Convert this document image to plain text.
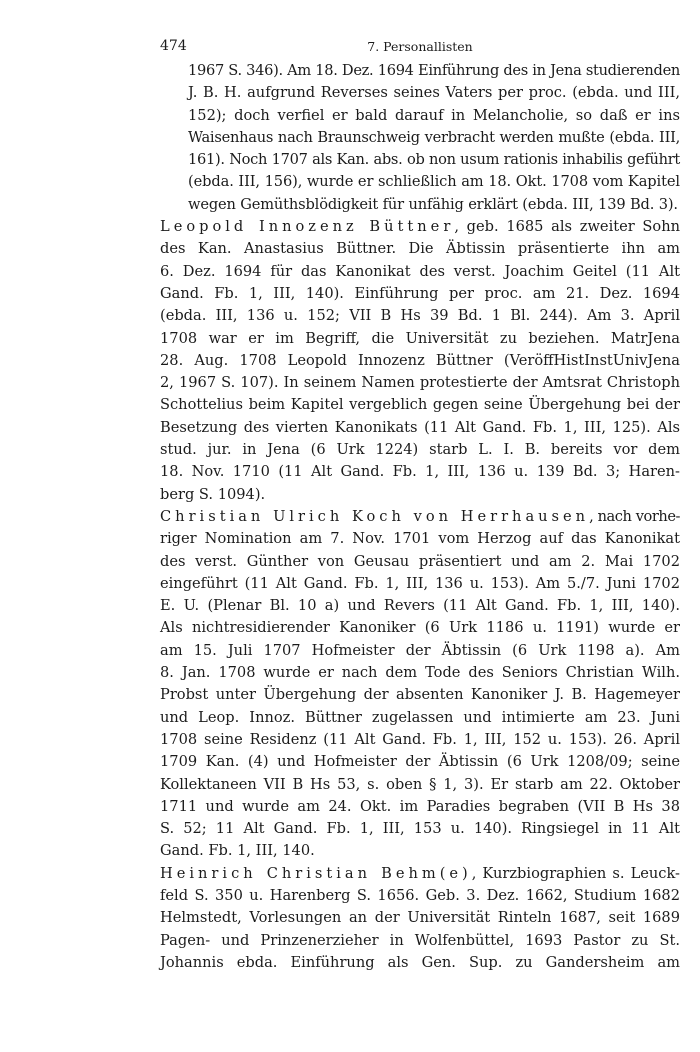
474	7. Personallisten
1967 S. 346). Am 18. Dez. 1694 Einführung des in Jena studierenden
J. B. H. aufgrund Reverses seines Vaters per proc. (ebda. und III,
152); doch verfiel er bald darauf in Melancholie, so daß er ins
Waisenhaus nach Braunschweig verbracht werden mußte (ebda. III,
161). Noch 1707 als Kan. abs. ob non usum rationis inhabilis geführt
(ebda. III, 156), wurde er schließlich am 18. Okt. 1708 vom Kapitel
wegen Gemüthsblödigkeit für unfähig erklärt (ebda. III, 139 Bd. 3).
Leopold Innozenz Büttner, geb. 1685 als zweiter Sohn
des Kan. Anastasius Büttner. Die Äbtissin präsentierte ihn am
6. Dez. 1694 für das Kanonikat des verst. Joachim Geitel (11 Alt
Gand. Fb. 1, III, 140). Einführung per proc. am 21. Dez. 1694
(ebda. III, 136 u. 152; VII B Hs 39 Bd. 1 Bl. 244). Am 3. April
1708 war er im Begriff, die Universität zu beziehen. MatrJena
28. Aug. 1708 Leopold Innozenz Büttner (VeröffHistInstUnivJena
2, 1967 S. 107). In seinem Namen protestierte der Amtsrat Christoph
Schottelius beim Kapitel vergeblich gegen seine Übergehung bei der
Besetzung des vierten Kanonikats (11 Alt Gand. Fb. 1, III, 125). Als
stud. jur. in Jena (6 Urk 1224) starb L. I. B. bereits vor dem
18. Nov. 1710 (11 Alt Gand. Fb. 1, III, 136 u. 139 Bd. 3; Haren-
berg S. 1094).
Christian Ulrich Koch von Herrhausen, nach vorhe-
riger Nomination am 7. Nov. 1701 vom Herzog auf das Kanonikat
des verst. Günther von Geusau präsentiert und am 2. Mai 1702
eingeführt (11 Alt Gand. Fb. 1, III, 136 u. 153). Am 5./7. Juni 1702
E. U. (Plenar Bl. 10 a) und Revers (11 Alt Gand. Fb. 1, III, 140).
Als nichtresidierender Kanoniker (6 Urk 1186 u. 1191) wurde er
am 15. Juli 1707 Hofmeister der Äbtissin (6 Urk 1198 a). Am
8. Jan. 1708 wurde er nach dem Tode des Seniors Christian Wilh.
Probst unter Übergehung der absenten Kanoniker J. B. Hagemeyer
und Leop. Innoz. Büttner zugelassen und intimierte am 23. Juni
1708 seine Residenz (11 Alt Gand. Fb. 1, III, 152 u. 153). 26. April
1709 Kan. (4) und Hofmeister der Äbtissin (6 Urk 1208/09; seine
Kollektaneen VII B Hs 53, s. oben § 1, 3). Er starb am 22. Oktober
1711 und wurde am 24. Okt. im Paradies begraben (VII B Hs 38
S. 52; 11 Alt Gand. Fb. 1, III, 153 u. 140). Ringsiegel in 11 Alt
Gand. Fb. 1, III, 140.
Heinrich Christian Behm(e), Kurzbiographien s. Leuck-
feld S. 350 u. Harenberg S. 1656. Geb. 3. Dez. 1662, Studium 1682
Helmstedt, Vorlesungen an der Universität Rinteln 1687, seit 1689
Pagen- und Prinzenerzieher in Wolfenbüttel, 1693 Pastor zu St.
Johannis ebda. Einführung als Gen. Sup. zu Gandersheim am
